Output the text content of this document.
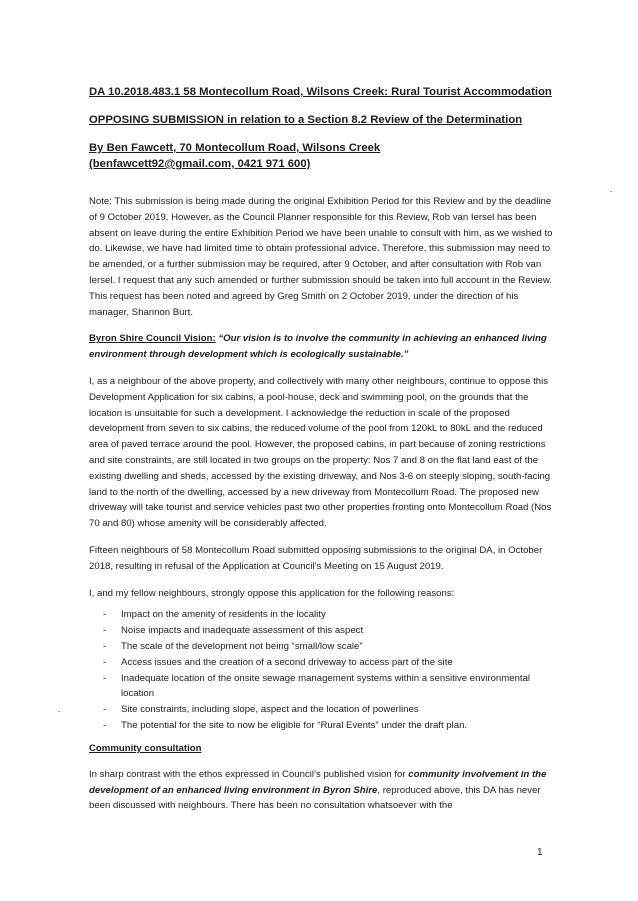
DA 10.2018.483.1 58 Montecollum Road, Wilsons Creek: Rural Tourist Accommodation
OPPOSING SUBMISSION in relation to a Section 8.2 Review of the Determination
By Ben Fawcett, 70 Montecollum Road, Wilsons Creek
(benfawcett92@gmail.com, 0421 971 600)

Note: This submission is being made during the original Exhibition Period for this Review and by the deadline of 9 October 2019. However, as the Council Planner responsible for this Review, Rob van Iersel has been absent on leave during the entire Exhibition Period we have been unable to consult with him, as we wished to do. Likewise, we have had limited time to obtain professional advice. Therefore, this submission may need to be amended, or a further submission may be required, after 9 October, and after consultation with Rob van Iersel. I request that any such amended or further submission should be taken into full account in the Review. This request has been noted and agreed by Greg Smith on 2 October 2019, under the direction of his manager, Shannon Burt.

Byron Shire Council Vision: “Our vision is to involve the community in achieving an enhanced living environment through development which is ecologically sustainable.”

I, as a neighbour of the above property, and collectively with many other neighbours, continue to oppose this Development Application for six cabins, a pool-house, deck and swimming pool, on the grounds that the location is unsuitable for such a development. I acknowledge the reduction in scale of the proposed development from seven to six cabins, the reduced volume of the pool from 120kL to 80kL and the reduced area of paved terrace around the pool. However, the proposed cabins, in part because of zoning restrictions and site constraints, are still located in two groups on the property: Nos 7 and 8 on the flat land east of the existing dwelling and sheds, accessed by the existing driveway, and Nos 3-6 on steeply sloping, south-facing land to the north of the dwelling, accessed by a new driveway from Montecollum Road. The proposed new driveway will take tourist and service vehicles past two other properties fronting onto Montecollum Road (Nos 70 and 80) whose amenity will be considerably affected.

Fifteen neighbours of 58 Montecollum Road submitted opposing submissions to the original DA, in October 2018, resulting in refusal of the Application at Council’s Meeting on 15 August 2019.

I, and my fellow neighbours, strongly oppose this application for the following reasons:

- Impact on the amenity of residents in the locality
- Noise impacts and inadequate assessment of this aspect
- The scale of the development not being “small/low scale”
- Access issues and the creation of a second driveway to access part of the site
- Inadequate location of the onsite sewage management systems within a sensitive environmental location
- Site constraints, including slope, aspect and the location of powerlines
- The potential for the site to now be eligible for “Rural Events” under the draft plan.
Community consultation

In sharp contrast with the ethos expressed in Council’s published vision for community involvement in the development of an enhanced living environment in Byron Shire, reproduced above, this DA has never been discussed with neighbours. There has been no consultation whatsoever with the

1
